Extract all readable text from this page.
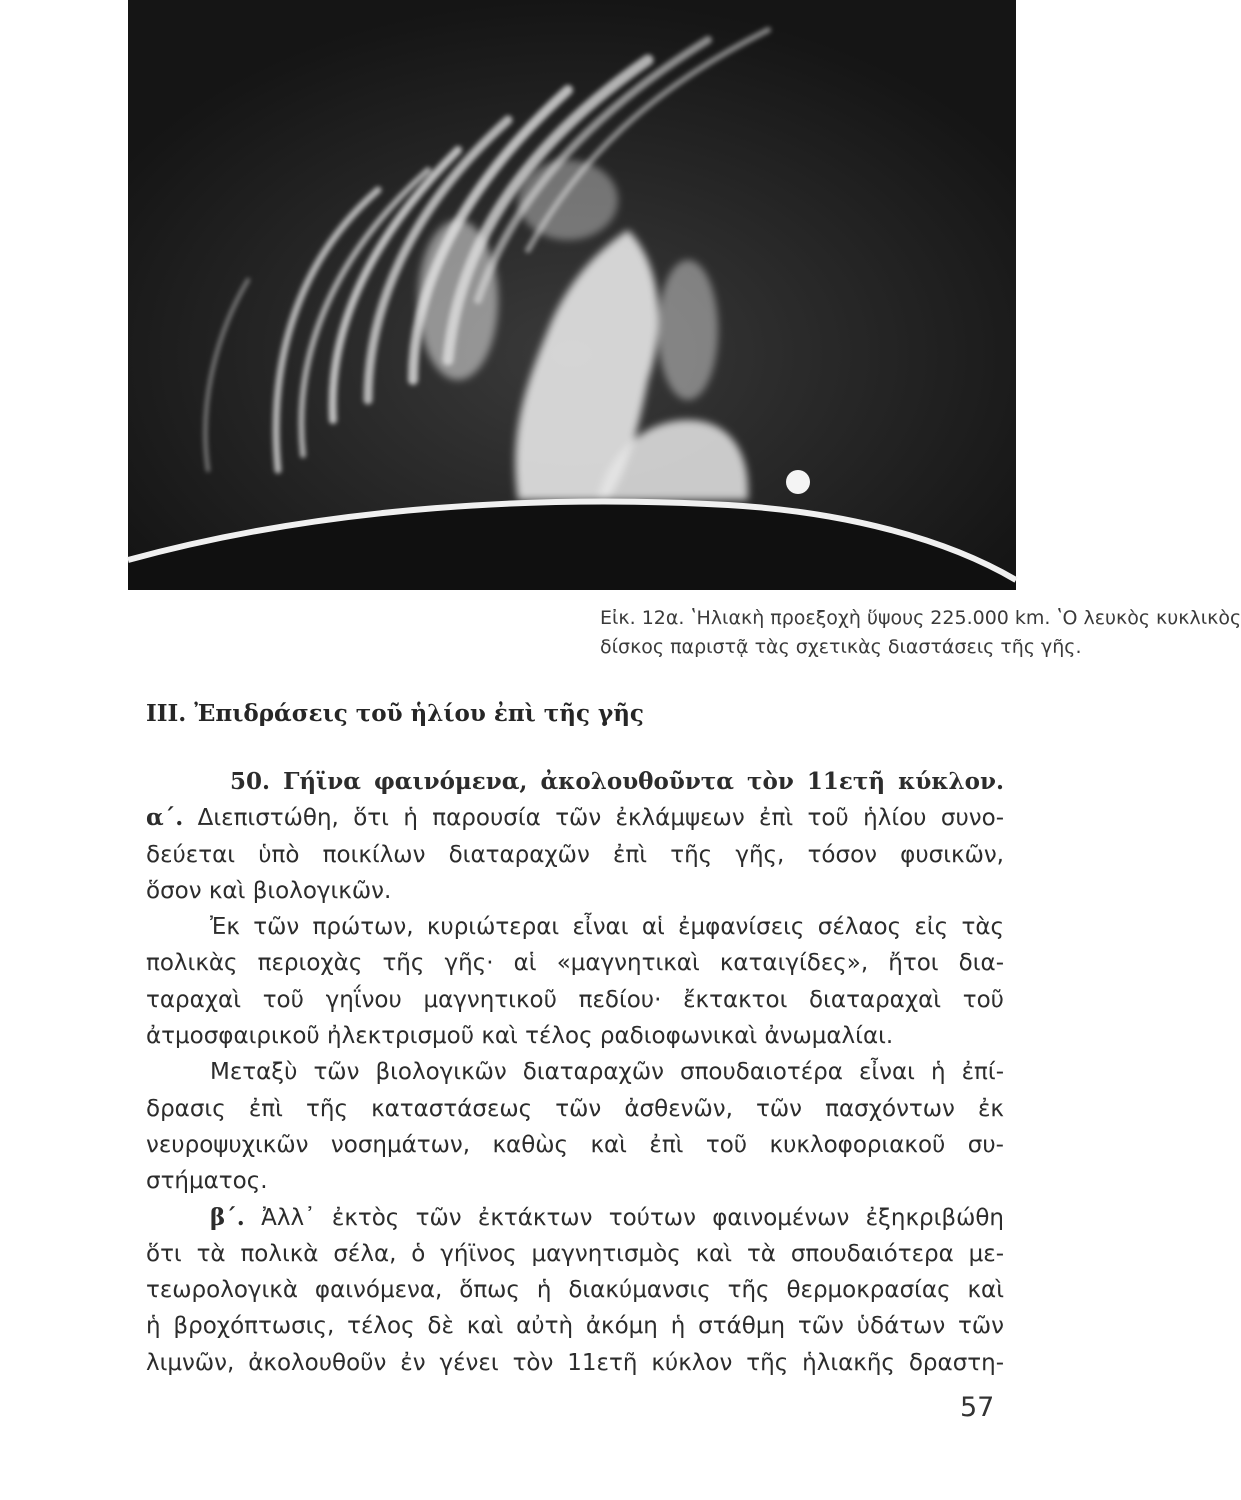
Εἰκ. 12α. ʽΗλιακὴ προεξοχὴ ὕψους 225.000 km. ʽΟ λευκὸς κυκλικὸς
δίσκος παριστᾷ τὰς σχετικὰς διαστάσεις τῆς γῆς.
III. Ἐπιδράσεις τοῦ ἡλίου ἐπὶ τῆς γῆς
50. Γήϊνα φαινόμενα, ἀκολουθοῦντα τὸν 11ετῆ κύκλον.
α΄. Διεπιστώθη, ὅτι ἡ παρουσία τῶν ἐκλάμψεων ἐπὶ τοῦ ἡλίου συνο-
δεύεται ὑπὸ ποικίλων διαταραχῶν ἐπὶ τῆς γῆς, τόσον φυσικῶν,
ὅσον καὶ βιολογικῶν.
Ἐκ τῶν πρώτων, κυριώτεραι εἶναι αἱ ἐμφανίσεις σέλαος εἰς τὰς
πολικὰς περιοχὰς τῆς γῆς· αἱ «μαγνητικαὶ καταιγίδες», ἤτοι δια-
ταραχαὶ τοῦ γηΐνου μαγνητικοῦ πεδίου· ἔκτακτοι διαταραχαὶ τοῦ
ἀτμοσφαιρικοῦ ἠλεκτρισμοῦ καὶ τέλος ραδιοφωνικαὶ ἀνωμαλίαι.
Μεταξὺ τῶν βιολογικῶν διαταραχῶν σπουδαιοτέρα εἶναι ἡ ἐπί-
δρασις ἐπὶ τῆς καταστάσεως τῶν ἀσθενῶν, τῶν πασχόντων ἐκ
νευροψυχικῶν νοσημάτων, καθὼς καὶ ἐπὶ τοῦ κυκλοφοριακοῦ συ-
στήματος.
β΄. Ἀλλ᾽ ἐκτὸς τῶν ἐκτάκτων τούτων φαινομένων ἐξηκριβώθη
ὅτι τὰ πολικὰ σέλα, ὁ γήϊνος μαγνητισμὸς καὶ τὰ σπουδαιότερα με-
τεωρολογικὰ φαινόμενα, ὅπως ἡ διακύμανσις τῆς θερμοκρασίας καὶ
ἡ βροχόπτωσις, τέλος δὲ καὶ αὐτὴ ἀκόμη ἡ στάθμη τῶν ὑδάτων τῶν
λιμνῶν, ἀκολουθοῦν ἐν γένει τὸν 11ετῆ κύκλον τῆς ἡλιακῆς δραστη-
57
